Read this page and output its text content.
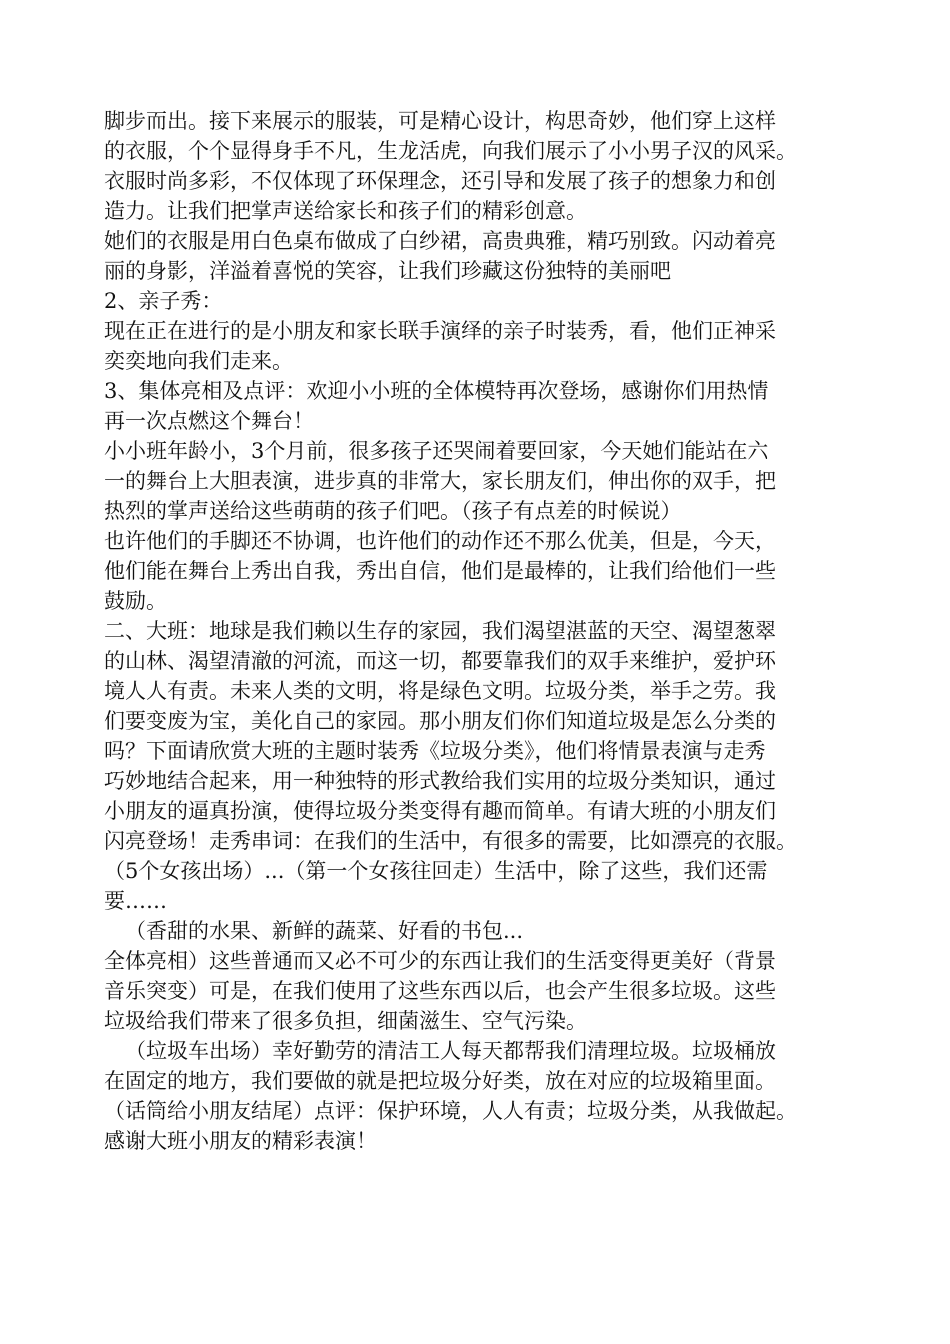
脚步而出。接下来展示的服装，可是精心设计，构思奇妙，他们穿上这样
的衣服，个个显得身手不凡，生龙活虎，向我们展示了小小男子汉的风采。
衣服时尚多彩，不仅体现了环保理念，还引导和发展了孩子的想象力和创
造力。让我们把掌声送给家长和孩子们的精彩创意。
她们的衣服是用白色桌布做成了白纱裙，高贵典雅，精巧别致。闪动着亮
丽的身影，洋溢着喜悦的笑容，让我们珍藏这份独特的美丽吧
2、亲子秀：
现在正在进行的是小朋友和家长联手演绎的亲子时装秀，看，他们正神采
奕奕地向我们走来。
3、集体亮相及点评：欢迎小小班的全体模特再次登场，感谢你们用热情
再一次点燃这个舞台！
小小班年龄小，3个月前，很多孩子还哭闹着要回家，今天她们能站在六
一的舞台上大胆表演，进步真的非常大，家长朋友们，伸出你的双手，把
热烈的掌声送给这些萌萌的孩子们吧。（孩子有点差的时候说）
也许他们的手脚还不协调，也许他们的动作还不那么优美，但是，今天，
他们能在舞台上秀出自我，秀出自信，他们是最棒的，让我们给他们一些
鼓励。
二、大班：地球是我们赖以生存的家园，我们渴望湛蓝的天空、渴望葱翠
的山林、渴望清澈的河流，而这一切，都要靠我们的双手来维护，爱护环
境人人有责。未来人类的文明，将是绿色文明。垃圾分类，举手之劳。我
们要变废为宝，美化自己的家园。那小朋友们你们知道垃圾是怎么分类的
吗？下面请欣赏大班的主题时装秀《垃圾分类》，他们将情景表演与走秀
巧妙地结合起来，用一种独特的形式教给我们实用的垃圾分类知识，通过
小朋友的逼真扮演，使得垃圾分类变得有趣而简单。有请大班的小朋友们
闪亮登场！走秀串词：在我们的生活中，有很多的需要，比如漂亮的衣服。
（5个女孩出场）...（第一个女孩往回走）生活中，除了这些，我们还需
要……
（香甜的水果、新鲜的蔬菜、好看的书包...
全体亮相）这些普通而又必不可少的东西让我们的生活变得更美好（背景
音乐突变）可是，在我们使用了这些东西以后，也会产生很多垃圾。这些
垃圾给我们带来了很多负担，细菌滋生、空气污染。
（垃圾车出场）幸好勤劳的清洁工人每天都帮我们清理垃圾。垃圾桶放
在固定的地方，我们要做的就是把垃圾分好类，放在对应的垃圾箱里面。
（话筒给小朋友结尾）点评：保护环境，人人有责；垃圾分类，从我做起。
感谢大班小朋友的精彩表演！
